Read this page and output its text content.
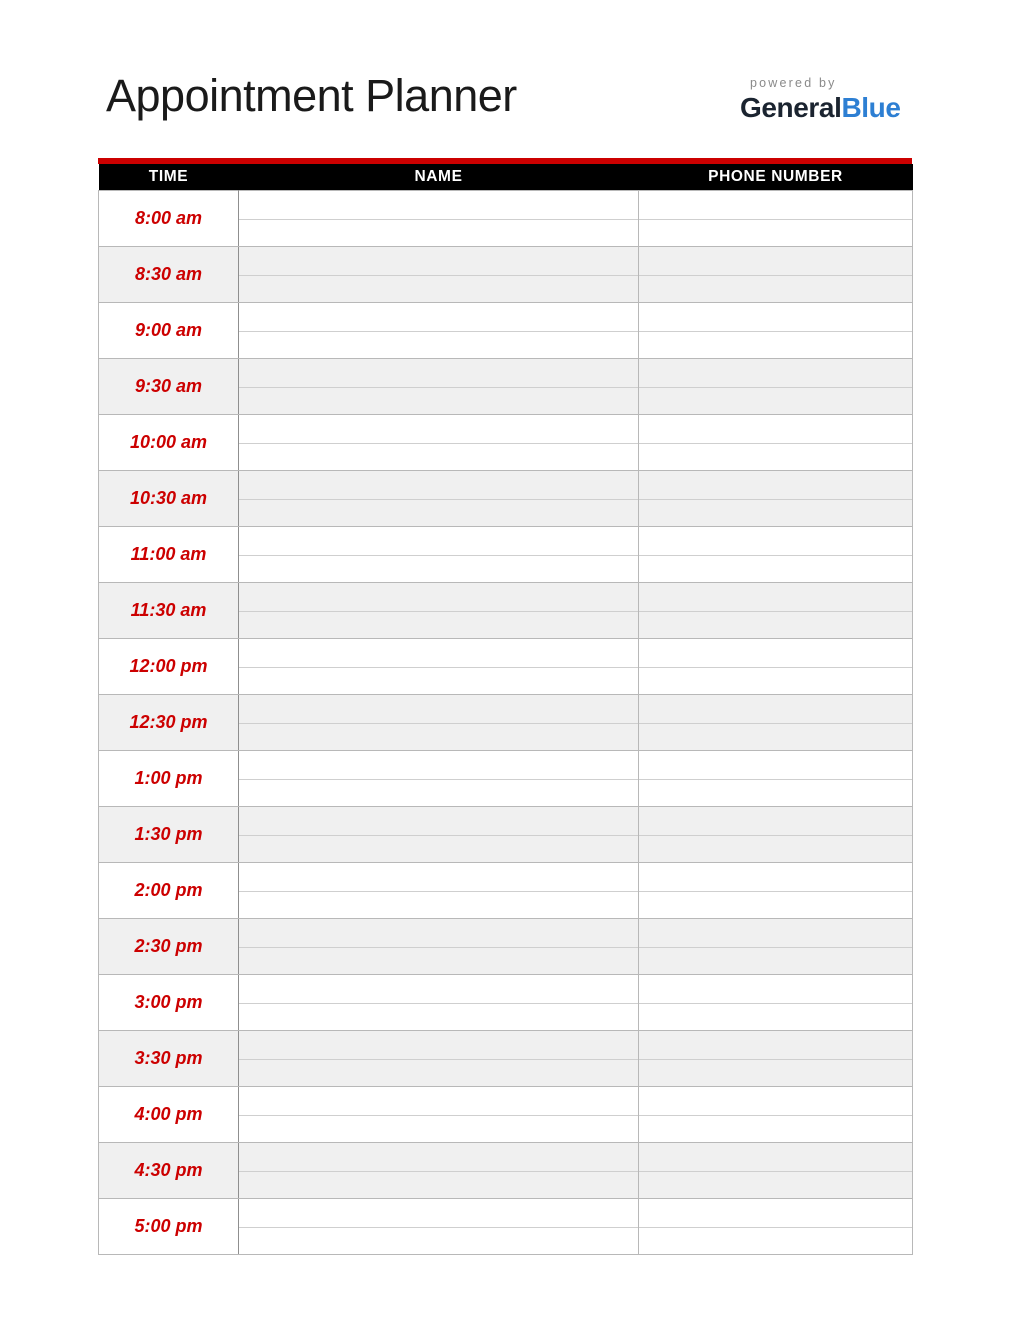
Appointment Planner	powered by
GeneralBlue
TIME	NAME	PHONE NUMBER
8:00 am		
8:30 am		
9:00 am		
9:30 am		
10:00 am		
10:30 am		
11:00 am		
11:30 am		
12:00 pm		
12:30 pm		
1:00 pm		
1:30 pm		
2:00 pm		
2:30 pm		
3:00 pm		
3:30 pm		
4:00 pm		
4:30 pm		
5:00 pm		
